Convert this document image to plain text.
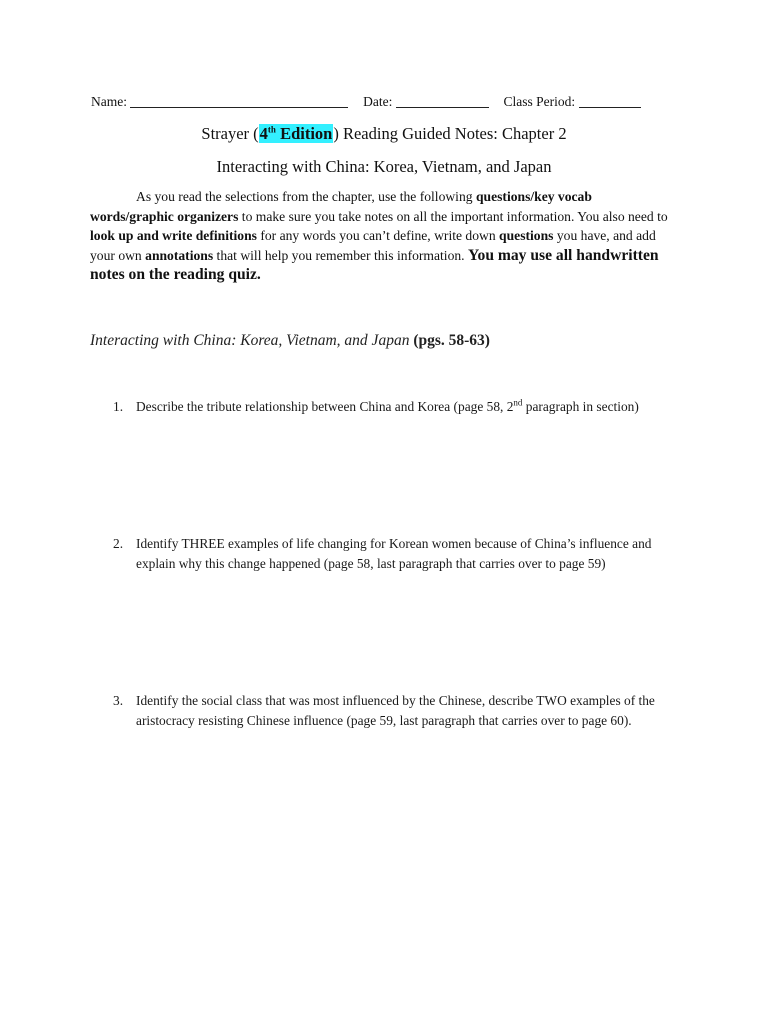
Name:	Date:	Class Period:
Strayer (4th Edition) Reading Guided Notes: Chapter 2
Interacting with China: Korea, Vietnam, and Japan
As you read the selections from the chapter, use the following questions/key vocab words/graphic organizers to make sure you take notes on all the important information. You also need to look up and write definitions for any words you can’t define, write down questions you have, and add your own annotations that will help you remember this information. You may use all handwritten notes on the reading quiz.
Interacting with China: Korea, Vietnam, and Japan (pgs. 58-63)
1. Describe the tribute relationship between China and Korea (page 58, 2nd paragraph in section)
2. Identify THREE examples of life changing for Korean women because of China’s influence and explain why this change happened (page 58, last paragraph that carries over to page 59)
3. Identify the social class that was most influenced by the Chinese, describe TWO examples of the aristocracy resisting Chinese influence (page 59, last paragraph that carries over to page 60).
